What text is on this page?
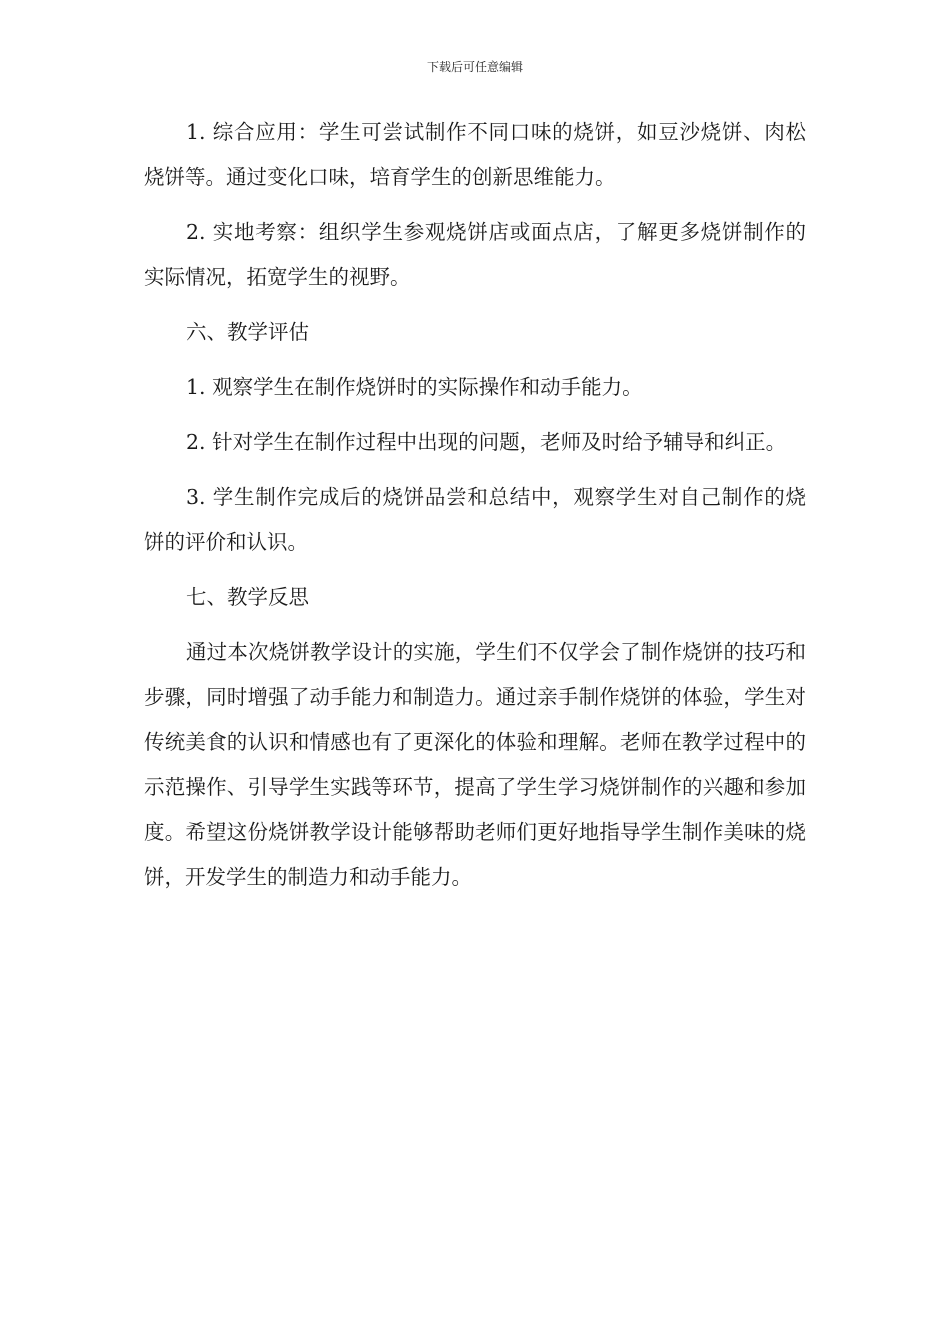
下载后可任意编辑

1. 综合应用：学生可尝试制作不同口味的烧饼，如豆沙烧饼、肉松烧饼等。通过变化口味，培育学生的创新思维能力。

2. 实地考察：组织学生参观烧饼店或面点店，了解更多烧饼制作的实际情况，拓宽学生的视野。

六、教学评估

1. 观察学生在制作烧饼时的实际操作和动手能力。

2. 针对学生在制作过程中出现的问题，老师及时给予辅导和纠正。

3. 学生制作完成后的烧饼品尝和总结中，观察学生对自己制作的烧饼的评价和认识。

七、教学反思

通过本次烧饼教学设计的实施，学生们不仅学会了制作烧饼的技巧和步骤，同时增强了动手能力和制造力。通过亲手制作烧饼的体验，学生对传统美食的认识和情感也有了更深化的体验和理解。老师在教学过程中的示范操作、引导学生实践等环节，提高了学生学习烧饼制作的兴趣和参加度。希望这份烧饼教学设计能够帮助老师们更好地指导学生制作美味的烧饼，开发学生的制造力和动手能力。
